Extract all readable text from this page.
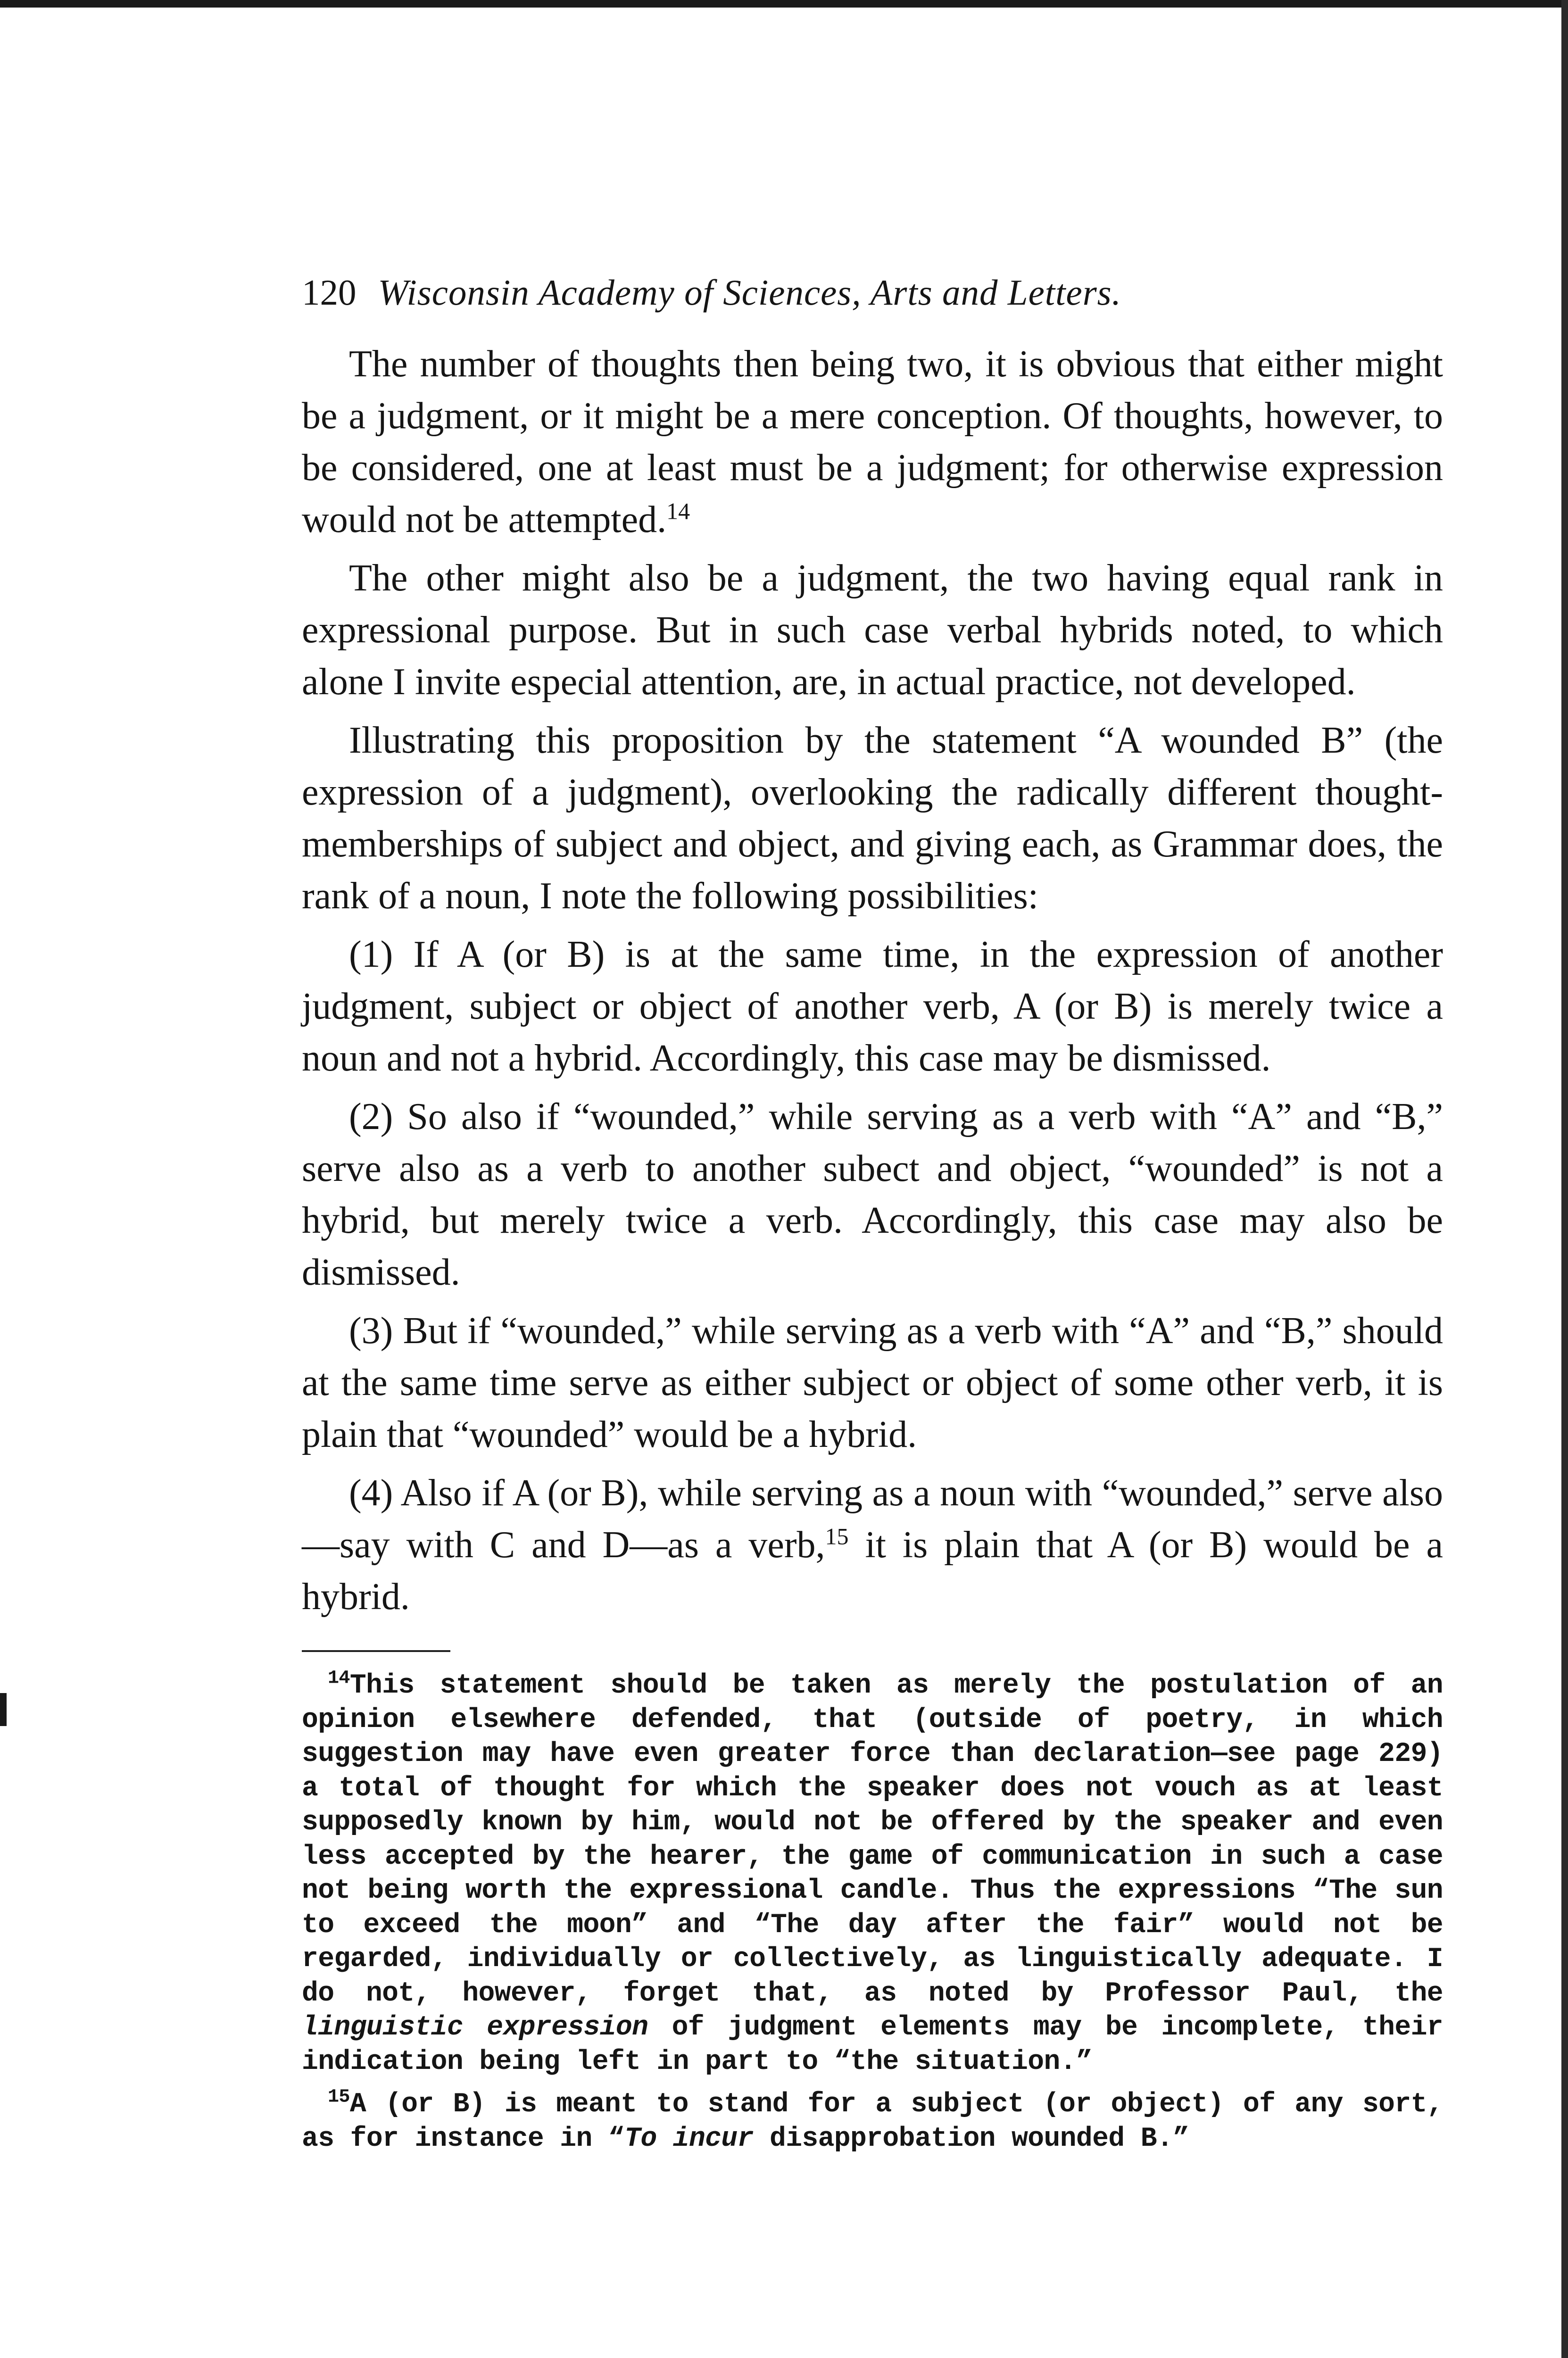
120 Wisconsin Academy of Sciences, Arts and Letters.

The number of thoughts then being two, it is obvious that either might be a judgment, or it might be a mere conception. Of thoughts, however, to be considered, one at least must be a judgment; for otherwise expression would not be attempted.$^{14}$

The other might also be a judgment, the two having equal rank in expressional purpose. But in such case verbal hybrids noted, to which alone I invite especial attention, are, in actual practice, not developed.

Illustrating this proposition by the statement “A wounded B” (the expression of a judgment), overlooking the radically different thought-memberships of subject and object, and giving each, as Grammar does, the rank of a noun, I note the following possibilities:

(1) If A (or B) is at the same time, in the expression of another judgment, subject or object of another verb, A (or B) is merely twice a noun and not a hybrid. Accordingly, this case may be dismissed.

(2) So also if “wounded,” while serving as a verb with “A” and “B,” serve also as a verb to another subect and object, “wounded” is not a hybrid, but merely twice a verb. Accordingly, this case may also be dismissed.

(3) But if “wounded,” while serving as a verb with “A” and “B,” should at the same time serve as either subject or object of some other verb, it is plain that “wounded” would be a hybrid.

(4) Also if A (or B), while serving as a noun with “wounded,” serve also—say with C and D—as a verb,$^{15}$ it is plain that A (or B) would be a hybrid.

$^{14}$This statement should be taken as merely the postulation of an opinion elsewhere defended, that (outside of poetry, in which suggestion may have even greater force than declaration—see page 229) a total of thought for which the speaker does not vouch as at least supposedly known by him, would not be offered by the speaker and even less accepted by the hearer, the game of communication in such a case not being worth the expressional candle. Thus the expressions “The sun to exceed the moon” and “The day after the fair” would not be regarded, individually or collectively, as linguistically adequate. I do not, however, forget that, as noted by Professor Paul, the linguistic expression of judgment elements may be incomplete, their indication being left in part to “the situation.”

$^{15}$A (or B) is meant to stand for a subject (or object) of any sort, as for instance in “To incur disapprobation wounded B.”
